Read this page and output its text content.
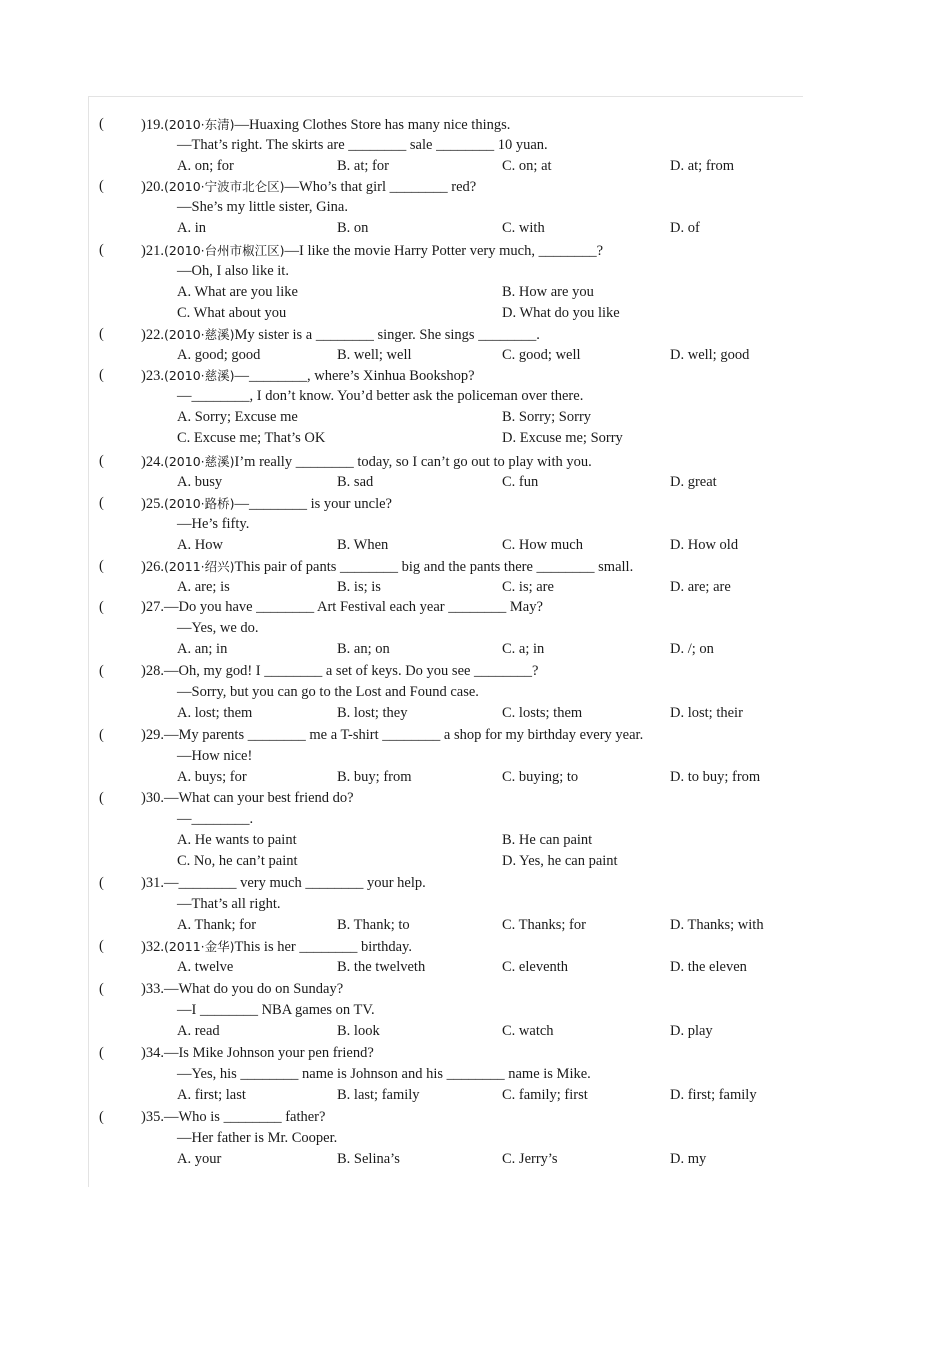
(	)19.(2010·东清)—Huaxing Clothes Store has many nice things.
—That’s right. The skirts are ________ sale ________ 10 yuan.
A. on; for	B. at; for	C. on; at	D. at; from
(	)20.(2010·宁波市北仑区)—Who’s that girl ________ red?
—She’s my little sister, Gina.
A. in	B. on	C. with	D. of
(	)21.(2010·台州市椒江区)—I like the movie Harry Potter very much, ________?
—Oh, I also like it.
A. What are you like	B. How are you
C. What about you	D. What do you like
(	)22.(2010·慈溪)My sister is a ________ singer. She sings ________.
A. good; good	B. well; well	C. good; well	D. well; good
(	)23.(2010·慈溪)—________, where’s Xinhua Bookshop?
—________, I don’t know. You’d better ask the policeman over there.
A. Sorry; Excuse me	B. Sorry; Sorry
C. Excuse me; That’s OK	D. Excuse me; Sorry
(	)24.(2010·慈溪)I’m really ________ today, so I can’t go out to play with you.
A. busy	B. sad	C. fun	D. great
(	)25.(2010·路桥)—________ is your uncle?
—He’s fifty.
A. How	B. When	C. How much	D. How old
(	)26.(2011·绍兴)This pair of pants ________ big and the pants there ________ small.
A. are; is	B. is; is	C. is; are	D. are; are
(	)27.—Do you have ________ Art Festival each year ________ May?
—Yes, we do.
A. an; in	B. an; on	C. a; in	D. /; on
(	)28.—Oh, my god! I ________ a set of keys. Do you see ________?
—Sorry, but you can go to the Lost and Found case.
A. lost; them	B. lost; they	C. losts; them	D. lost; their
(	)29.—My parents ________ me a T-shirt ________ a shop for my birthday every year.
—How nice!
A. buys; for	B. buy; from	C. buying; to	D. to buy; from
(	)30.—What can your best friend do?
—________.
A. He wants to paint	B. He can paint
C. No, he can’t paint	D. Yes, he can paint
(	)31.—________ very much ________ your help.
—That’s all right.
A. Thank; for	B. Thank; to	C. Thanks; for	D. Thanks; with
(	)32.(2011·金华)This is her ________ birthday.
A. twelve	B. the twelveth	C. eleventh	D. the eleven
(	)33.—What do you do on Sunday?
—I ________ NBA games on TV.
A. read	B. look	C. watch	D. play
(	)34.—Is Mike Johnson your pen friend?
—Yes, his ________ name is Johnson and his ________ name is Mike.
A. first; last	B. last; family	C. family; first	D. first; family
(	)35.—Who is ________ father?
—Her father is Mr. Cooper.
A. your	B. Selina’s	C. Jerry’s	D. my
